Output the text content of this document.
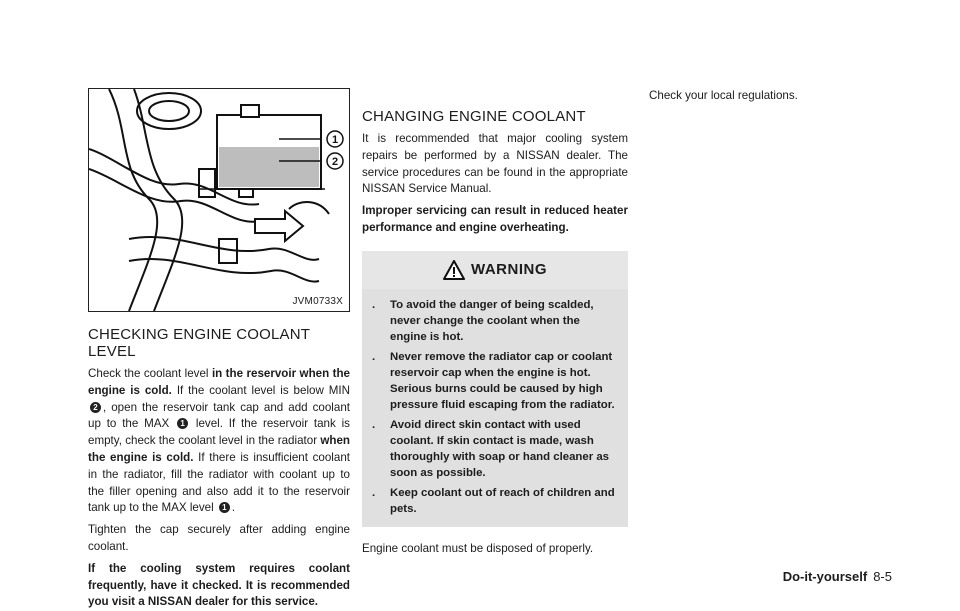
1
2
JVM0733X
CHECKING ENGINE COOLANT LEVEL

Check the coolant level in the reservoir when the engine is cold. If the coolant level is below MIN 2 , open the reservoir tank cap and add coolant up to the MAX 1 level. If the reservoir tank is empty, check the coolant level in the radiator when the engine is cold. If there is insufficient coolant in the radiator, fill the radiator with coolant up to the filler opening and also add it to the reservoir tank up to the MAX level 1 .

Tighten the cap securely after adding engine coolant.

If the cooling system requires coolant frequently, have it checked. It is recommended you visit a NISSAN dealer for this service.

CHANGING ENGINE COOLANT

It is recommended that major cooling system repairs be performed by a NISSAN dealer. The service procedures can be found in the appropriate NISSAN Service Manual.

Improper servicing can result in reduced heater performance and engine overheating.

WARNING
.	To avoid the danger of being scalded, never change the coolant when the engine is hot.
.	Never remove the radiator cap or coolant reservoir cap when the engine is hot. Serious burns could be caused by high pressure fluid escaping from the radiator.
.	Avoid direct skin contact with used coolant. If skin contact is made, wash thoroughly with soap or hand cleaner as soon as possible.
.	Keep coolant out of reach of children and pets.

Engine coolant must be disposed of properly.

Check your local regulations.

Do-it-yourself 8-5
